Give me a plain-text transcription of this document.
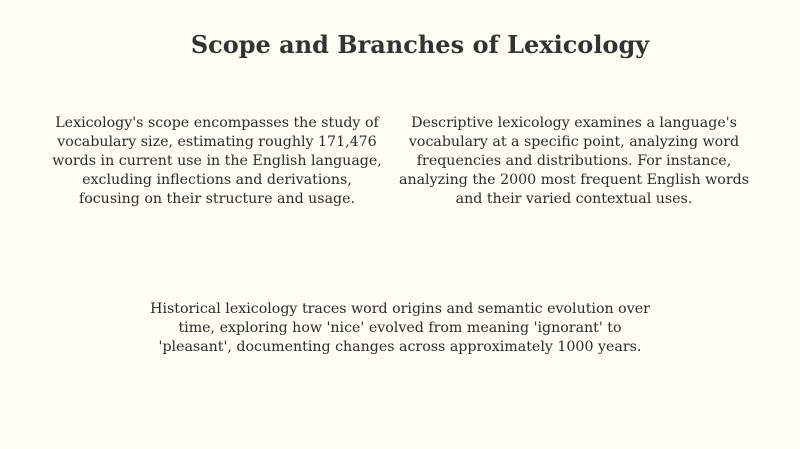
Scope and Branches of Lexicology

Lexicology's scope encompasses the study of vocabulary size, estimating roughly 171,476 words in current use in the English language, excluding inflections and derivations, focusing on their structure and usage.

Descriptive lexicology examines a language's vocabulary at a specific point, analyzing word frequencies and distributions. For instance, analyzing the 2000 most frequent English words and their varied contextual uses.

Historical lexicology traces word origins and semantic evolution over time, exploring how 'nice' evolved from meaning 'ignorant' to 'pleasant', documenting changes across approximately 1000 years.
